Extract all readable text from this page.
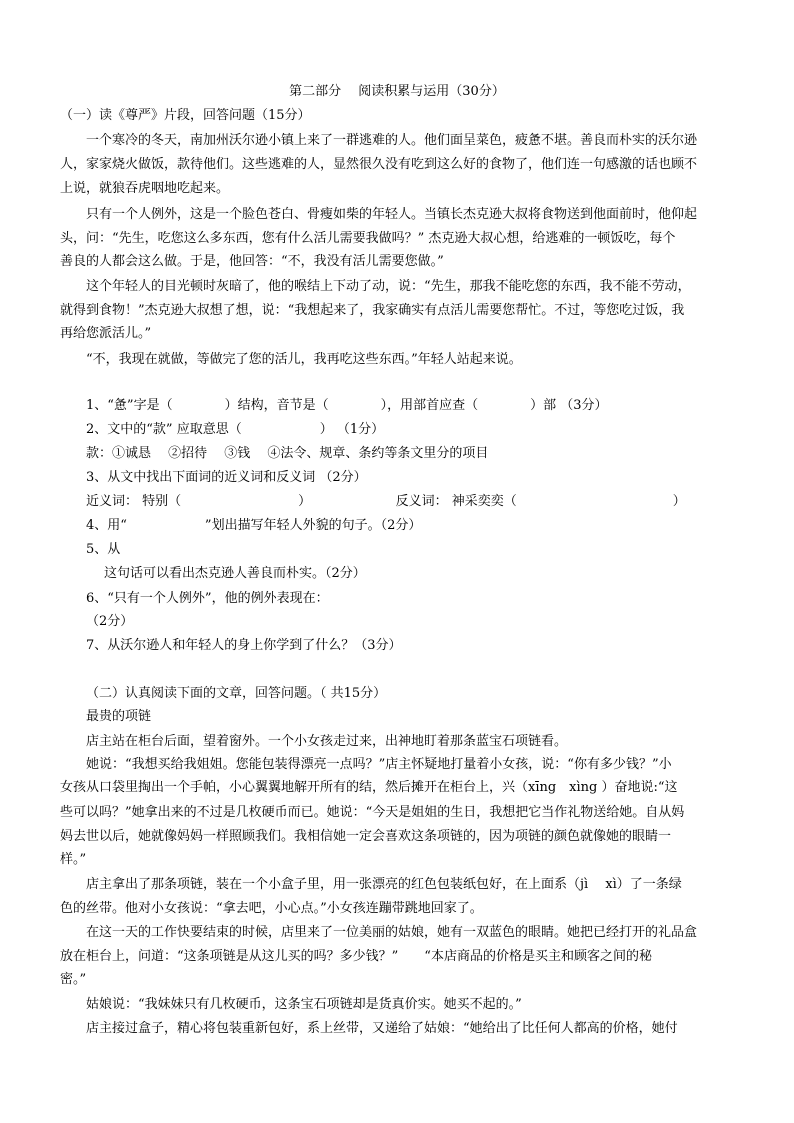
第二部分　 阅读积累与运用（30分）
（一）读《尊严》片段，回答问题（15分）
一个寒冷的冬天，南加州沃尔逊小镇上来了一群逃难的人。他们面呈菜色，疲惫不堪。善良而朴实的沃尔逊
人，家家烧火做饭，款待他们。这些逃难的人，显然很久没有吃到这么好的食物了，他们连一句感激的话也顾不
上说，就狼吞虎咽地吃起来。
只有一个人例外，这是一个脸色苍白、骨瘦如柴的年轻人。当镇长杰克逊大叔将食物送到他面前时，他仰起
头，问：“先生，吃您这么多东西，您有什么活儿需要我做吗？” 杰克逊大叔心想，给逃难的一顿饭吃，每个
善良的人都会这么做。于是，他回答：“不，我没有活儿需要您做。”
这个年轻人的目光顿时灰暗了，他的喉结上下动了动，说：“先生，那我不能吃您的东西，我不能不劳动，
就得到食物！”杰克逊大叔想了想，说：“我想起来了，我家确实有点活儿需要您帮忙。不过，等您吃过饭，我
再给您派活儿。”
“不，我现在就做，等做完了您的活儿，我再吃这些东西。”年轻人站起来说。
1、“惫”字是（　　　　）结构，音节是（　　　　），用部首应查（　　　　）部 （3分）
2、文中的“款” 应取意思（　　　　　　） （1分）
款：①诚恳　 ②招待　 ③钱　 ④法令、规章、条约等条文里分的项目
3、从文中找出下面词的近义词和反义词 （2分）
近义词： 特别（　　　　　　　　　）　　　　　　　反义词： 神采奕奕（　　　　　　　　　　　　）
4、用“　　　　　　”划出描写年轻人外貌的句子。（2分）
5、从
这句话可以看出杰克逊人善良而朴实。（2分）
6、“只有一个人例外”，他的例外表现在：
（2分）
7、从沃尔逊人和年轻人的身上你学到了什么？（3分）
（二）认真阅读下面的文章，回答问题。（ 共15分）
最贵的项链
店主站在柜台后面，望着窗外。一个小女孩走过来，出神地盯着那条蓝宝石项链看。
她说：“我想买给我姐姐。您能包装得漂亮一点吗？”店主怀疑地打量着小女孩，说：“你有多少钱？”小
女孩从口袋里掏出一个手帕，小心翼翼地解开所有的结，然后摊开在柜台上，兴（xīng　xìng ）奋地说:“这
些可以吗？”她拿出来的不过是几枚硬币而已。她说：“今天是姐姐的生日，我想把它当作礼物送给她。自从妈
妈去世以后，她就像妈妈一样照顾我们。我相信她一定会喜欢这条项链的，因为项链的颜色就像她的眼睛一
样。”
店主拿出了那条项链，装在一个小盒子里，用一张漂亮的红色包装纸包好，在上面系（jì　 xì）了一条绿
色的丝带。他对小女孩说：“拿去吧，小心点。”小女孩连蹦带跳地回家了。
在这一天的工作快要结束的时候，店里来了一位美丽的姑娘，她有一双蓝色的眼睛。她把已经打开的礼品盒
放在柜台上，问道：“这条项链是从这儿买的吗？多少钱？”　　“本店商品的价格是买主和顾客之间的秘
密。”
姑娘说：“我妹妹只有几枚硬币，这条宝石项链却是货真价实。她买不起的。”
店主接过盒子，精心将包装重新包好，系上丝带，又递给了姑娘：“她给出了比任何人都高的价格，她付
